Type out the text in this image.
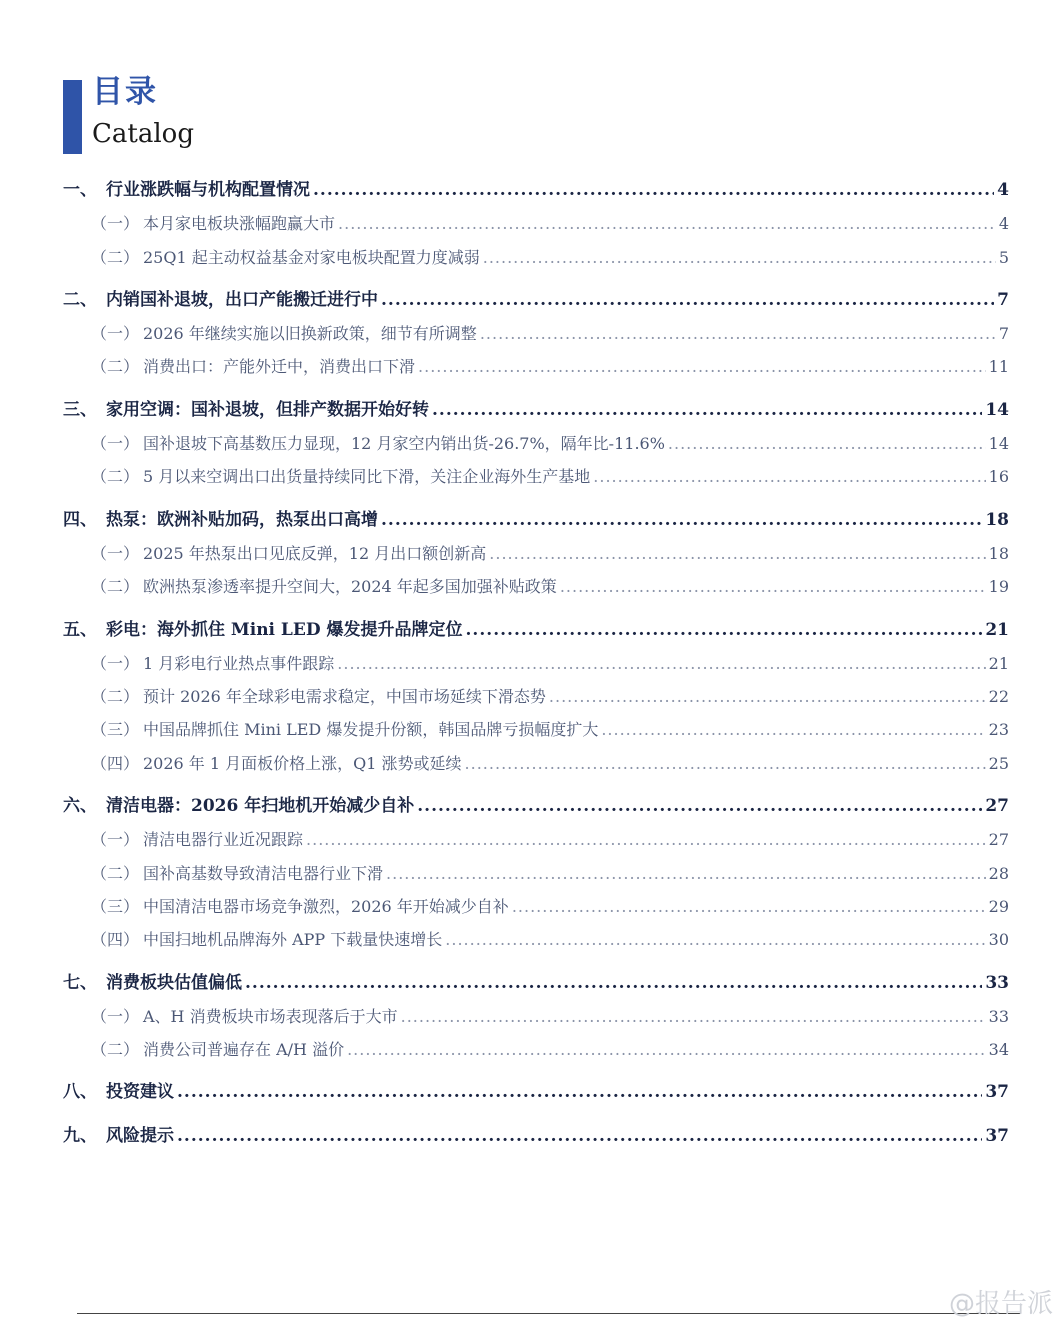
目录
Catalog
一、 行业涨跌幅与机构配置情况 .....	4
（一） 本月家电板块涨幅跑赢大市 .....	4
（二） 25Q1 起主动权益基金对家电板块配置力度减弱 .....	5
二、 内销国补退坡，出口产能搬迁进行中 .....	7
（一） 2026 年继续实施以旧换新政策，细节有所调整 .....	7
（二） 消费出口：产能外迁中，消费出口下滑 .....	11
三、 家用空调：国补退坡，但排产数据开始好转 .....	14
（一） 国补退坡下高基数压力显现，12 月家空内销出货-26.7%，隔年比-11.6% .....	14
（二） 5 月以来空调出口出货量持续同比下滑，关注企业海外生产基地 .....	16
四、 热泵：欧洲补贴加码，热泵出口高增 .....	18
（一） 2025 年热泵出口见底反弹，12 月出口额创新高 .....	18
（二） 欧洲热泵渗透率提升空间大，2024 年起多国加强补贴政策 .....	19
五、 彩电：海外抓住 Mini LED 爆发提升品牌定位 .....	21
（一） 1 月彩电行业热点事件跟踪 .....	21
（二） 预计 2026 年全球彩电需求稳定，中国市场延续下滑态势 .....	22
（三） 中国品牌抓住 Mini LED 爆发提升份额，韩国品牌亏损幅度扩大 .....	23
（四） 2026 年 1 月面板价格上涨，Q1 涨势或延续 .....	25
六、 清洁电器：2026 年扫地机开始减少自补 .....	27
（一） 清洁电器行业近况跟踪 .....	27
（二） 国补高基数导致清洁电器行业下滑 .....	28
（三） 中国清洁电器市场竞争激烈，2026 年开始减少自补 .....	29
（四） 中国扫地机品牌海外 APP 下载量快速增长 .....	30
七、 消费板块估值偏低 .....	33
（一） A、H 消费板块市场表现落后于大市 .....	33
（二） 消费公司普遍存在 A/H 溢价 .....	34
八、 投资建议 .....	37
九、 风险提示 .....	37
@报告派
